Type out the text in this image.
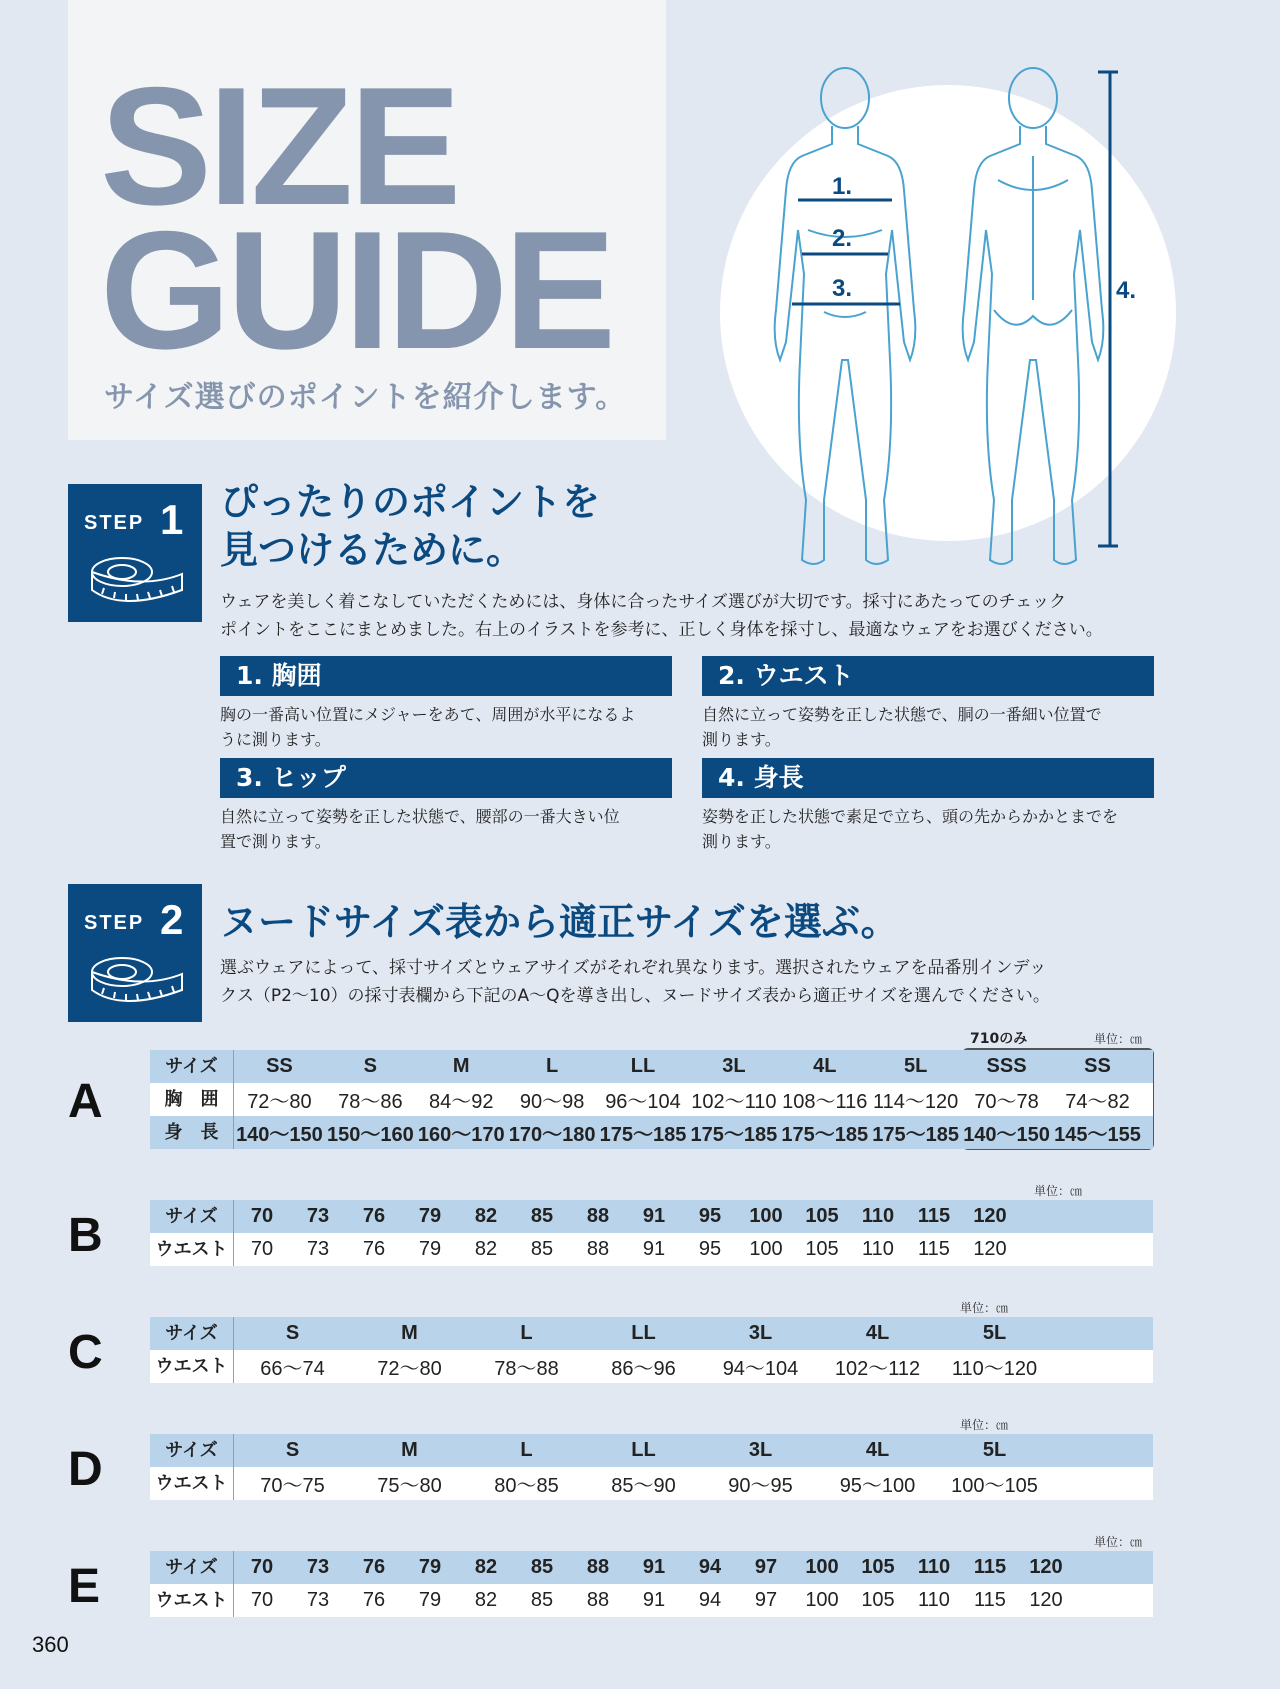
SIZE
GUIDE
サイズ選びのポイントを紹介します。
1.
2.
3.	4.
STEP 1 ぴったりのポイントを
見つけるために。
ウェアを美しく着こなしていただくためには、身体に合ったサイズ選びが大切です。採寸にあたってのチェック
ポイントをここにまとめました。右上のイラストを参考に、正しく身体を採寸し、最適なウェアをお選びください。
1. 胸囲
胸の一番高い位置にメジャーをあて、周囲が水平になるよ
うに測ります。
2. ウエスト
自然に立って姿勢を正した状態で、胴の一番細い位置で
測ります。
3. ヒップ
自然に立って姿勢を正した状態で、腰部の一番大きい位
置で測ります。
4. 身長
姿勢を正した状態で素足で立ち、頭の先からかかとまでを
測ります。
STEP 2 ヌードサイズ表から適正サイズを選ぶ。
選ぶウェアによって、採寸サイズとウェアサイズがそれぞれ異なります。選択されたウェアを品番別インデッ
クス（P2～10）の採寸表欄から下記のA～Qを導き出し、ヌードサイズ表から適正サイズを選んでください。
A
710のみ	単位：㎝
サイズ	SS	S	M	L	LL	3L	4L	5L	SSS	SS
胸　囲	72～80	78～86	84～92	90～98	96～104 102～110 108～116 114～120 70～78	74～82
身　長 140～150 150～160 160～170 170～180 175～185 175～185 175～185 175～185 140～150 145～155
B
単位：㎝
サイズ	70	73	76	79	82	85	88	91	95	100	105	110	115	120
ウエスト	70	73	76	79	82	85	88	91	95	100	105	110	115	120
C
単位：㎝
サイズ	S	M	L	LL	3L	4L	5L
ウエスト	66～74	72～80	78～88	86～96	94～104	102～112	110～120
D
単位：㎝
サイズ	S	M	L	LL	3L	4L	5L
ウエスト	70～75	75～80	80～85	85～90	90～95	95～100	100～105
E
単位：㎝
サイズ	70	73	76	79	82	85	88	91	94	97	100	105	110	115	120
ウエスト	70	73	76	79	82	85	88	91	94	97	100	105	110	115	120
360
